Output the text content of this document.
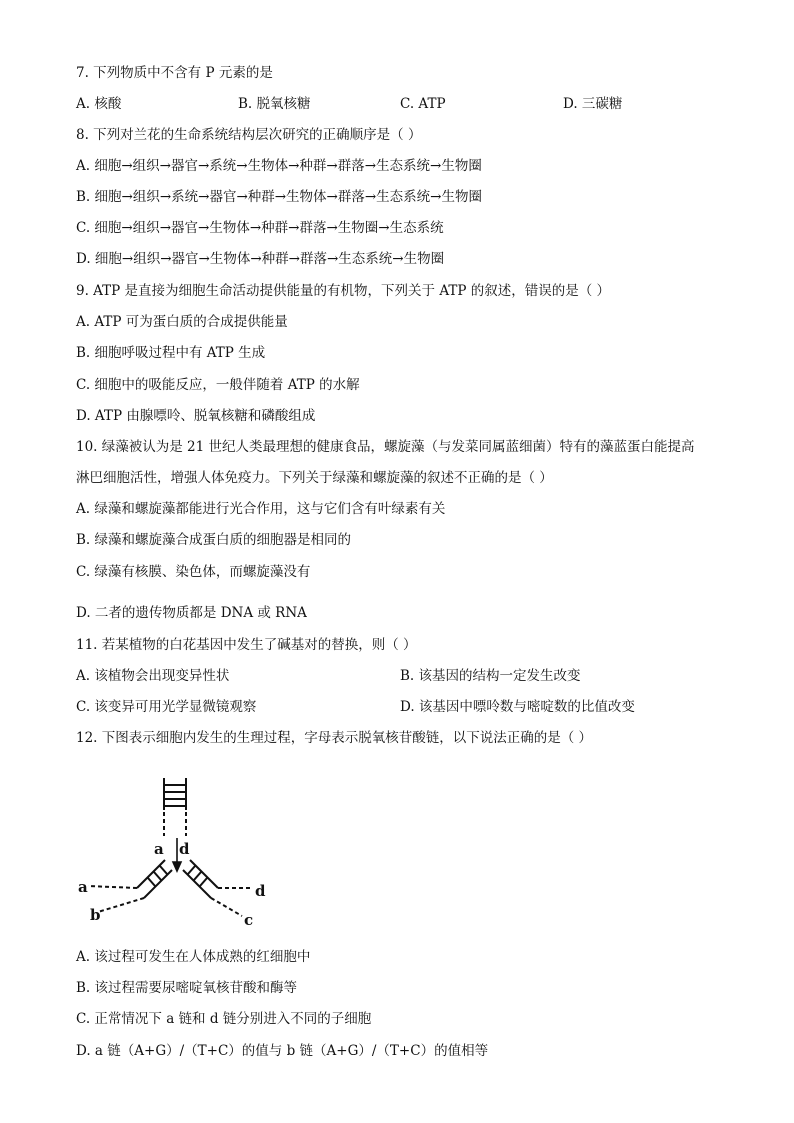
7. 下列物质中不含有 P 元素的是
A. 核酸	B. 脱氧核糖	C. ATP	D. 三碳糖
8. 下列对兰花的生命系统结构层次研究的正确顺序是（ ）
A. 细胞→组织→器官→系统→生物体→种群→群落→生态系统→生物圈
B. 细胞→组织→系统→器官→种群→生物体→群落→生态系统→生物圈
C. 细胞→组织→器官→生物体→种群→群落→生物圈→生态系统
D. 细胞→组织→器官→生物体→种群→群落→生态系统→生物圈
9. ATP 是直接为细胞生命活动提供能量的有机物，下列关于 ATP 的叙述，错误的是（ ）
A. ATP 可为蛋白质的合成提供能量
B. 细胞呼吸过程中有 ATP 生成
C. 细胞中的吸能反应，一般伴随着 ATP 的水解
D. ATP 由腺嘌呤、脱氧核糖和磷酸组成
10. 绿藻被认为是 21 世纪人类最理想的健康食品，螺旋藻（与发菜同属蓝细菌）特有的藻蓝蛋白能提高
淋巴细胞活性，增强人体免疫力。下列关于绿藻和螺旋藻的叙述不正确的是（ ）
A. 绿藻和螺旋藻都能进行光合作用，这与它们含有叶绿素有关
B. 绿藻和螺旋藻合成蛋白质的细胞器是相同的
C. 绿藻有核膜、染色体，而螺旋藻没有
D. 二者的遗传物质都是 DNA 或 RNA
11. 若某植物的白花基因中发生了碱基对的替换，则（ ）
A. 该植物会出现变异性状	B. 该基因的结构一定发生改变
C. 该变异可用光学显微镜观察	D. 该基因中嘌呤数与嘧啶数的比值改变
12. 下图表示细胞内发生的生理过程，字母表示脱氧核苷酸链，以下说法正确的是（ ）
a d
a
b
d
c
A. 该过程可发生在人体成熟的红细胞中
B. 该过程需要尿嘧啶氧核苷酸和酶等
C. 正常情况下 a 链和 d 链分别进入不同的子细胞
D. a 链（A+G）/（T+C）的值与 b 链（A+G）/（T+C）的值相等
